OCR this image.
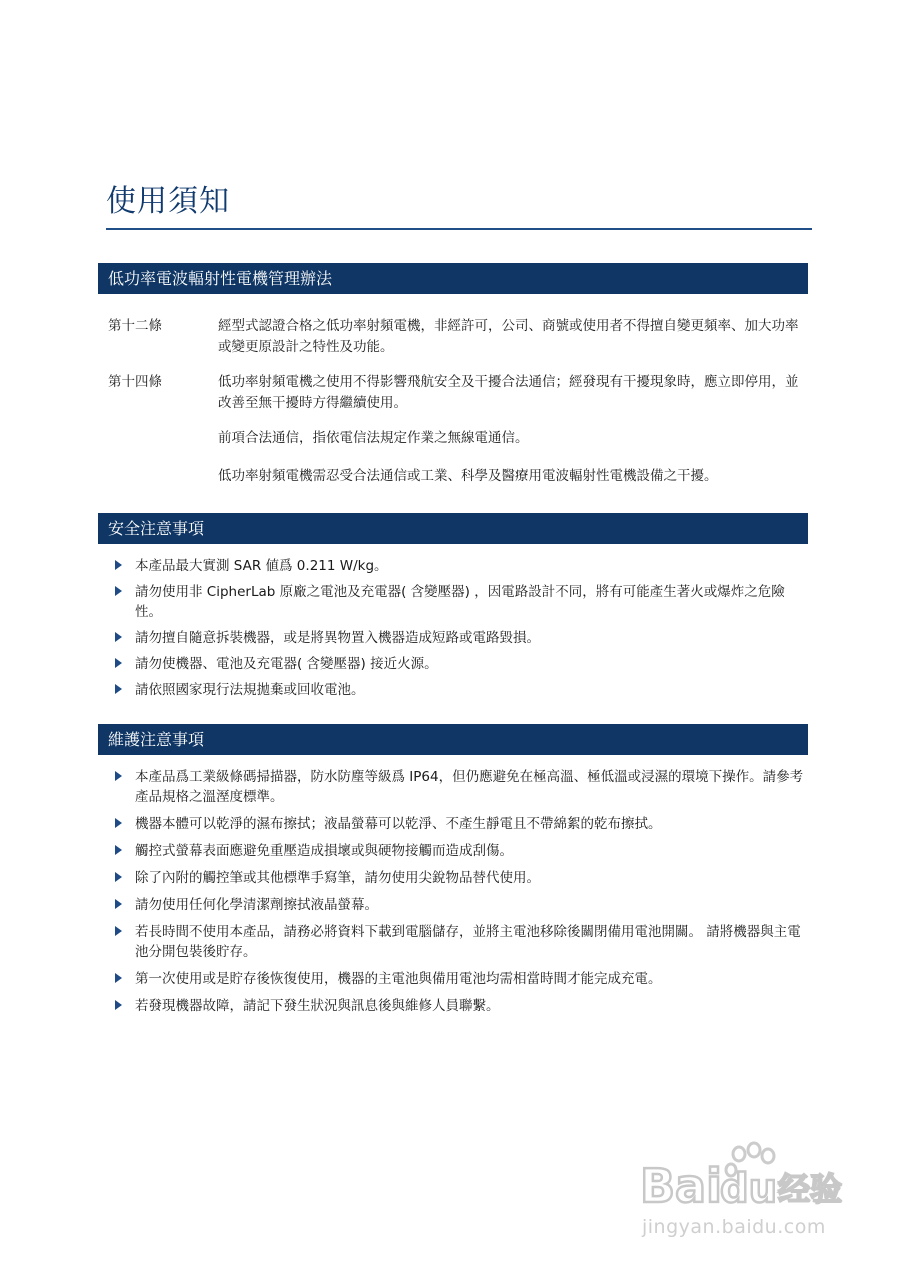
使用須知
低功率電波輻射性電機管理辦法
第十二條	經型式認證合格之低功率射頻電機，非經許可，公司、商號或使用者不得擅自變更頻率、加大功率或變更原設計之特性及功能。
第十四條	低功率射頻電機之使用不得影響飛航安全及干擾合法通信；經發現有干擾現象時，應立即停用，並改善至無干擾時方得繼續使用。
前項合法通信，指依電信法規定作業之無線電通信。
低功率射頻電機需忍受合法通信或工業、科學及醫療用電波輻射性電機設備之干擾。
安全注意事項
本產品最大實測 SAR 値爲 0.211 W/kg。
請勿使用非 CipherLab 原廠之電池及充電器( 含變壓器) ，因電路設計不同，將有可能產生著火或爆炸之危險性。
請勿擅自隨意拆裝機器，或是將異物置入機器造成短路或電路毀損。
請勿使機器、電池及充電器( 含變壓器) 接近火源。
請依照國家現行法規拋棄或回收電池。
維護注意事項
本產品爲工業級條碼掃描器，防水防塵等級爲 IP64，但仍應避免在極高溫、極低溫或浸濕的環境下操作。請參考產品規格之溫溼度標準。
機器本體可以乾淨的濕布擦拭；液晶螢幕可以乾淨、不產生靜電且不帶綿絮的乾布擦拭。
觸控式螢幕表面應避免重壓造成損壞或與硬物接觸而造成刮傷。
除了內附的觸控筆或其他標準手寫筆，請勿使用尖銳物品替代使用。
請勿使用任何化學清潔劑擦拭液晶螢幕。
若長時間不使用本產品，請務必將資料下載到電腦儲存，並將主電池移除後關閉備用電池開關。 請將機器與主電池分開包裝後貯存。
第一次使用或是貯存後恢復使用，機器的主電池與備用電池均需相當時間才能完成充電。
若發現機器故障，請記下發生狀況與訊息後與維修人員聯繫。
Bai
du 经验
jingyan.baidu.com
